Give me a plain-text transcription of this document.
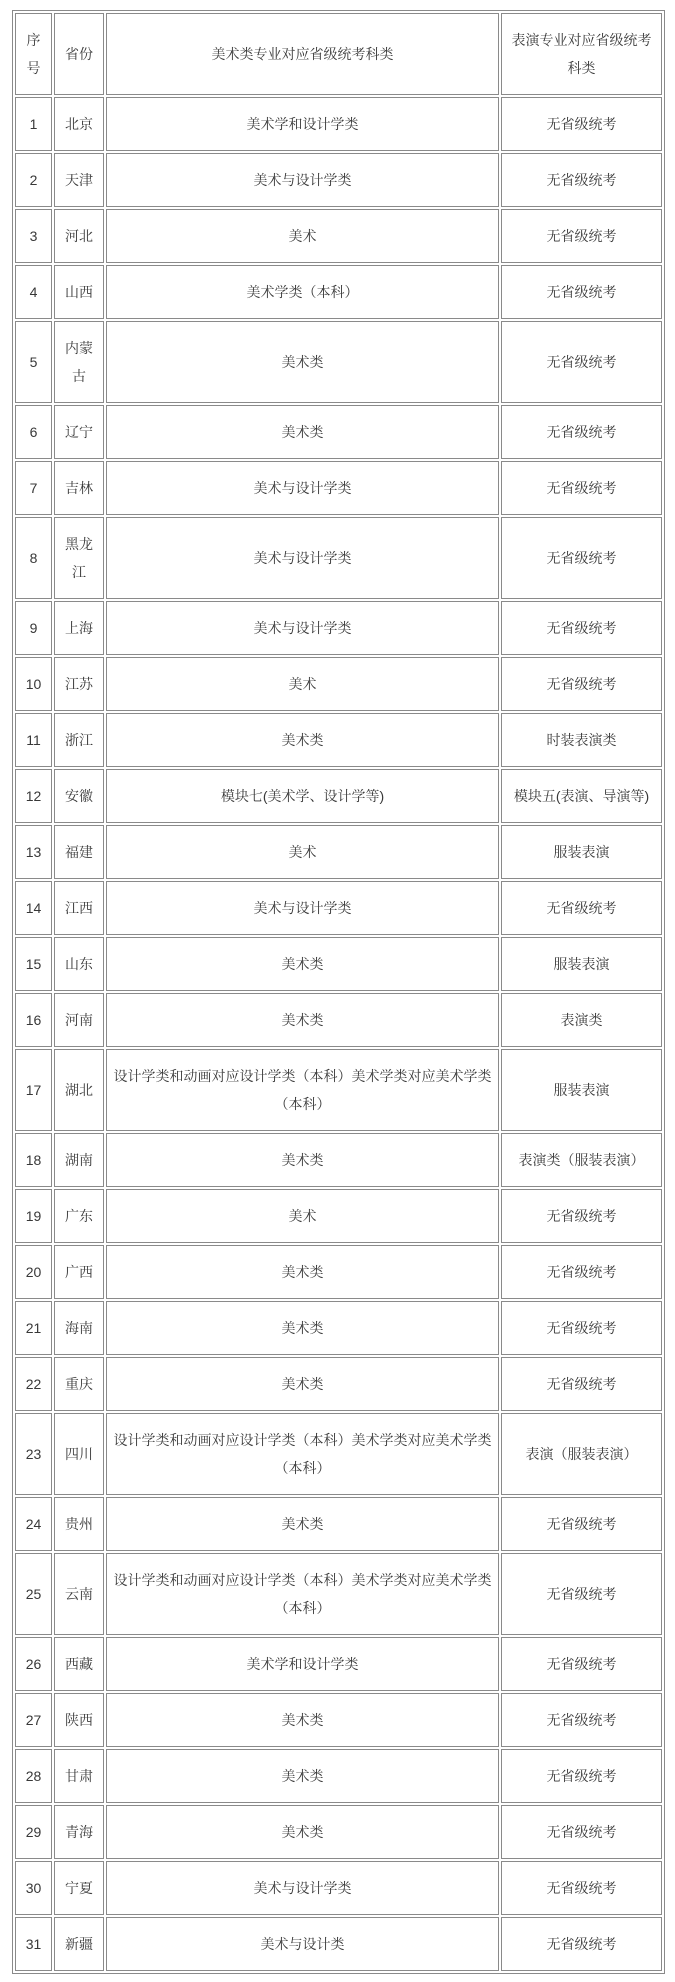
序号	省份	美术类专业对应省级统考科类	表演专业对应省级统考科类
1	北京	美术学和设计学类	无省级统考
2	天津	美术与设计学类	无省级统考
3	河北	美术	无省级统考
4	山西	美术学类（本科）	无省级统考
5	内蒙古	美术类	无省级统考
6	辽宁	美术类	无省级统考
7	吉林	美术与设计学类	无省级统考
8	黑龙江	美术与设计学类	无省级统考
9	上海	美术与设计学类	无省级统考
10	江苏	美术	无省级统考
11	浙江	美术类	时装表演类
12	安徽	模块七(美术学、设计学等)	模块五(表演、导演等)
13	福建	美术	服装表演
14	江西	美术与设计学类	无省级统考
15	山东	美术类	服装表演
16	河南	美术类	表演类
17	湖北	设计学类和动画对应设计学类（本科）美术学类对应美术学类（本科）	服装表演
18	湖南	美术类	表演类（服装表演）
19	广东	美术	无省级统考
20	广西	美术类	无省级统考
21	海南	美术类	无省级统考
22	重庆	美术类	无省级统考
23	四川	设计学类和动画对应设计学类（本科）美术学类对应美术学类（本科）	表演（服装表演）
24	贵州	美术类	无省级统考
25	云南	设计学类和动画对应设计学类（本科）美术学类对应美术学类（本科）	无省级统考
26	西藏	美术学和设计学类	无省级统考
27	陕西	美术类	无省级统考
28	甘肃	美术类	无省级统考
29	青海	美术类	无省级统考
30	宁夏	美术与设计学类	无省级统考
31	新疆	美术与设计类	无省级统考
